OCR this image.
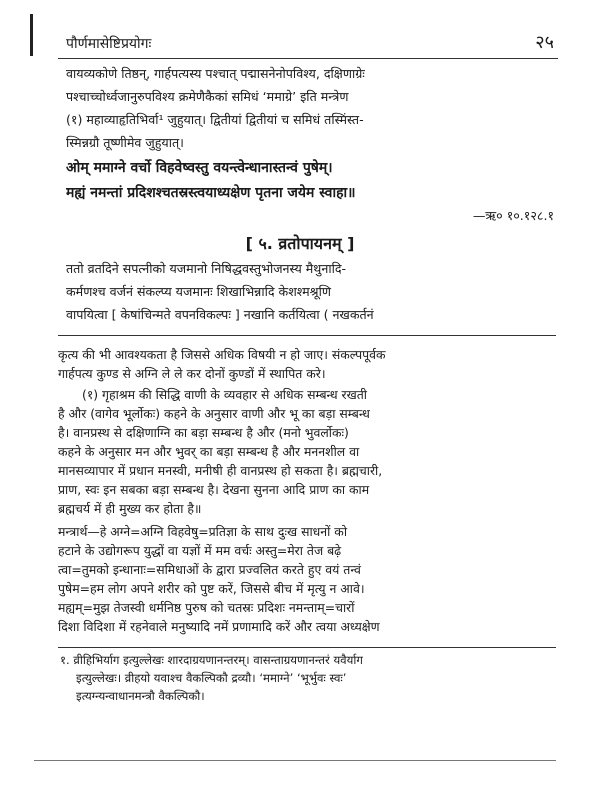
पौर्णमासेष्टिप्रयोगः	२५
वायव्यकोणे तिष्ठन्, गार्हपत्यस्य पश्चात् पद्मासनेनोपविश्य, दक्षिणाग्रेः
पश्चाच्चोर्ध्वजानुरुपविश्य क्रमेणैकैकां समिधं ‘ममाग्रे’ इति मन्त्रेण
(१) महाव्याहृतिभिर्वा¹ जुहुयात्। द्वितीयां द्वितीयां च समिधं तस्मिंस्त-
स्मिन्नग्रौ तूष्णीमेव जुहुयात्।
ओम् ममाग्ने वर्चो विहवेष्वस्तु वयन्त्वेन्धानास्तन्वं पुषेम्।
मह्यं नमन्तां प्रदिशश्चतस्रस्त्वयाध्यक्षेण पृतना जयेम स्वाहा॥
—ऋ० १०.१२८.१
[ ५. व्रतोपायनम् ]
ततो व्रतदिने सपत्नीको यजमानो निषिद्धवस्तुभोजनस्य मैथुनादि-
कर्मणश्च वर्जनं संकल्प्य यजमानः शिखाभिन्नादि केशश्मश्रूणि
वापयित्वा [ केषांचिन्मते वपनविकल्पः ] नखानि कर्तयित्वा ( नखकर्तनं
कृत्य की भी आवश्यकता है जिससे अधिक विषयी न हो जाए। संकल्पपूर्वक
गार्हपत्य कुण्ड से अग्नि ले ले कर दोनों कुण्डों में स्थापित करे।
(१) गृहाश्रम की सिद्धि वाणी के व्यवहार से अधिक सम्बन्ध रखती
है और (वागेव भूर्लोकः) कहने के अनुसार वाणी और भू का बड़ा सम्बन्ध
है। वानप्रस्थ से दक्षिणाग्नि का बड़ा सम्बन्ध है और (मनो भुवर्लोकः)
कहने के अनुसार मन और भुवर् का बड़ा सम्बन्ध है और मननशील वा
मानसव्यापार में प्रधान मनस्वी, मनीषी ही वानप्रस्थ हो सकता है। ब्रह्मचारी,
प्राण, स्वः इन सबका बड़ा सम्बन्ध है। देखना सुनना आदि प्राण का काम
ब्रह्मचर्य में ही मुख्य कर होता है॥
मन्त्रार्थ—हे अग्ने=अग्नि विहवेषु=प्रतिज्ञा के साथ दुःख साधनों को
हटाने के उद्योगरूप युद्धों वा यज्ञों में मम वर्चः अस्तु=मेरा तेज बढ़े
त्वा=तुमको इन्धानाः=समिधाओं के द्वारा प्रज्वलित करते हुए वयं तन्वं
पुषेम=हम लोग अपने शरीर को पुष्ट करें, जिससे बीच में मृत्यु न आवे।
मह्यम्=मुझ तेजस्वी धर्मनिष्ठ पुरुष को चतस्रः प्रदिशः नमन्ताम्=चारों
दिशा विदिशा में रहनेवाले मनुष्यादि नमें प्रणामादि करें और त्वया अध्यक्षेण
१. व्रीहिभिर्याग इत्युल्लेखः शारदाग्रयणानन्तरम्। वासन्ताग्रयणानन्तरं यवैर्याग
इत्युल्लेखः। व्रीहयो यवाश्च वैकल्पिकौ द्रव्यौ। ‘ममाग्ने’ ‘भूर्भुवः स्वः’
इत्यग्न्यन्वाधानमन्त्रौ वैकल्पिकौ।
